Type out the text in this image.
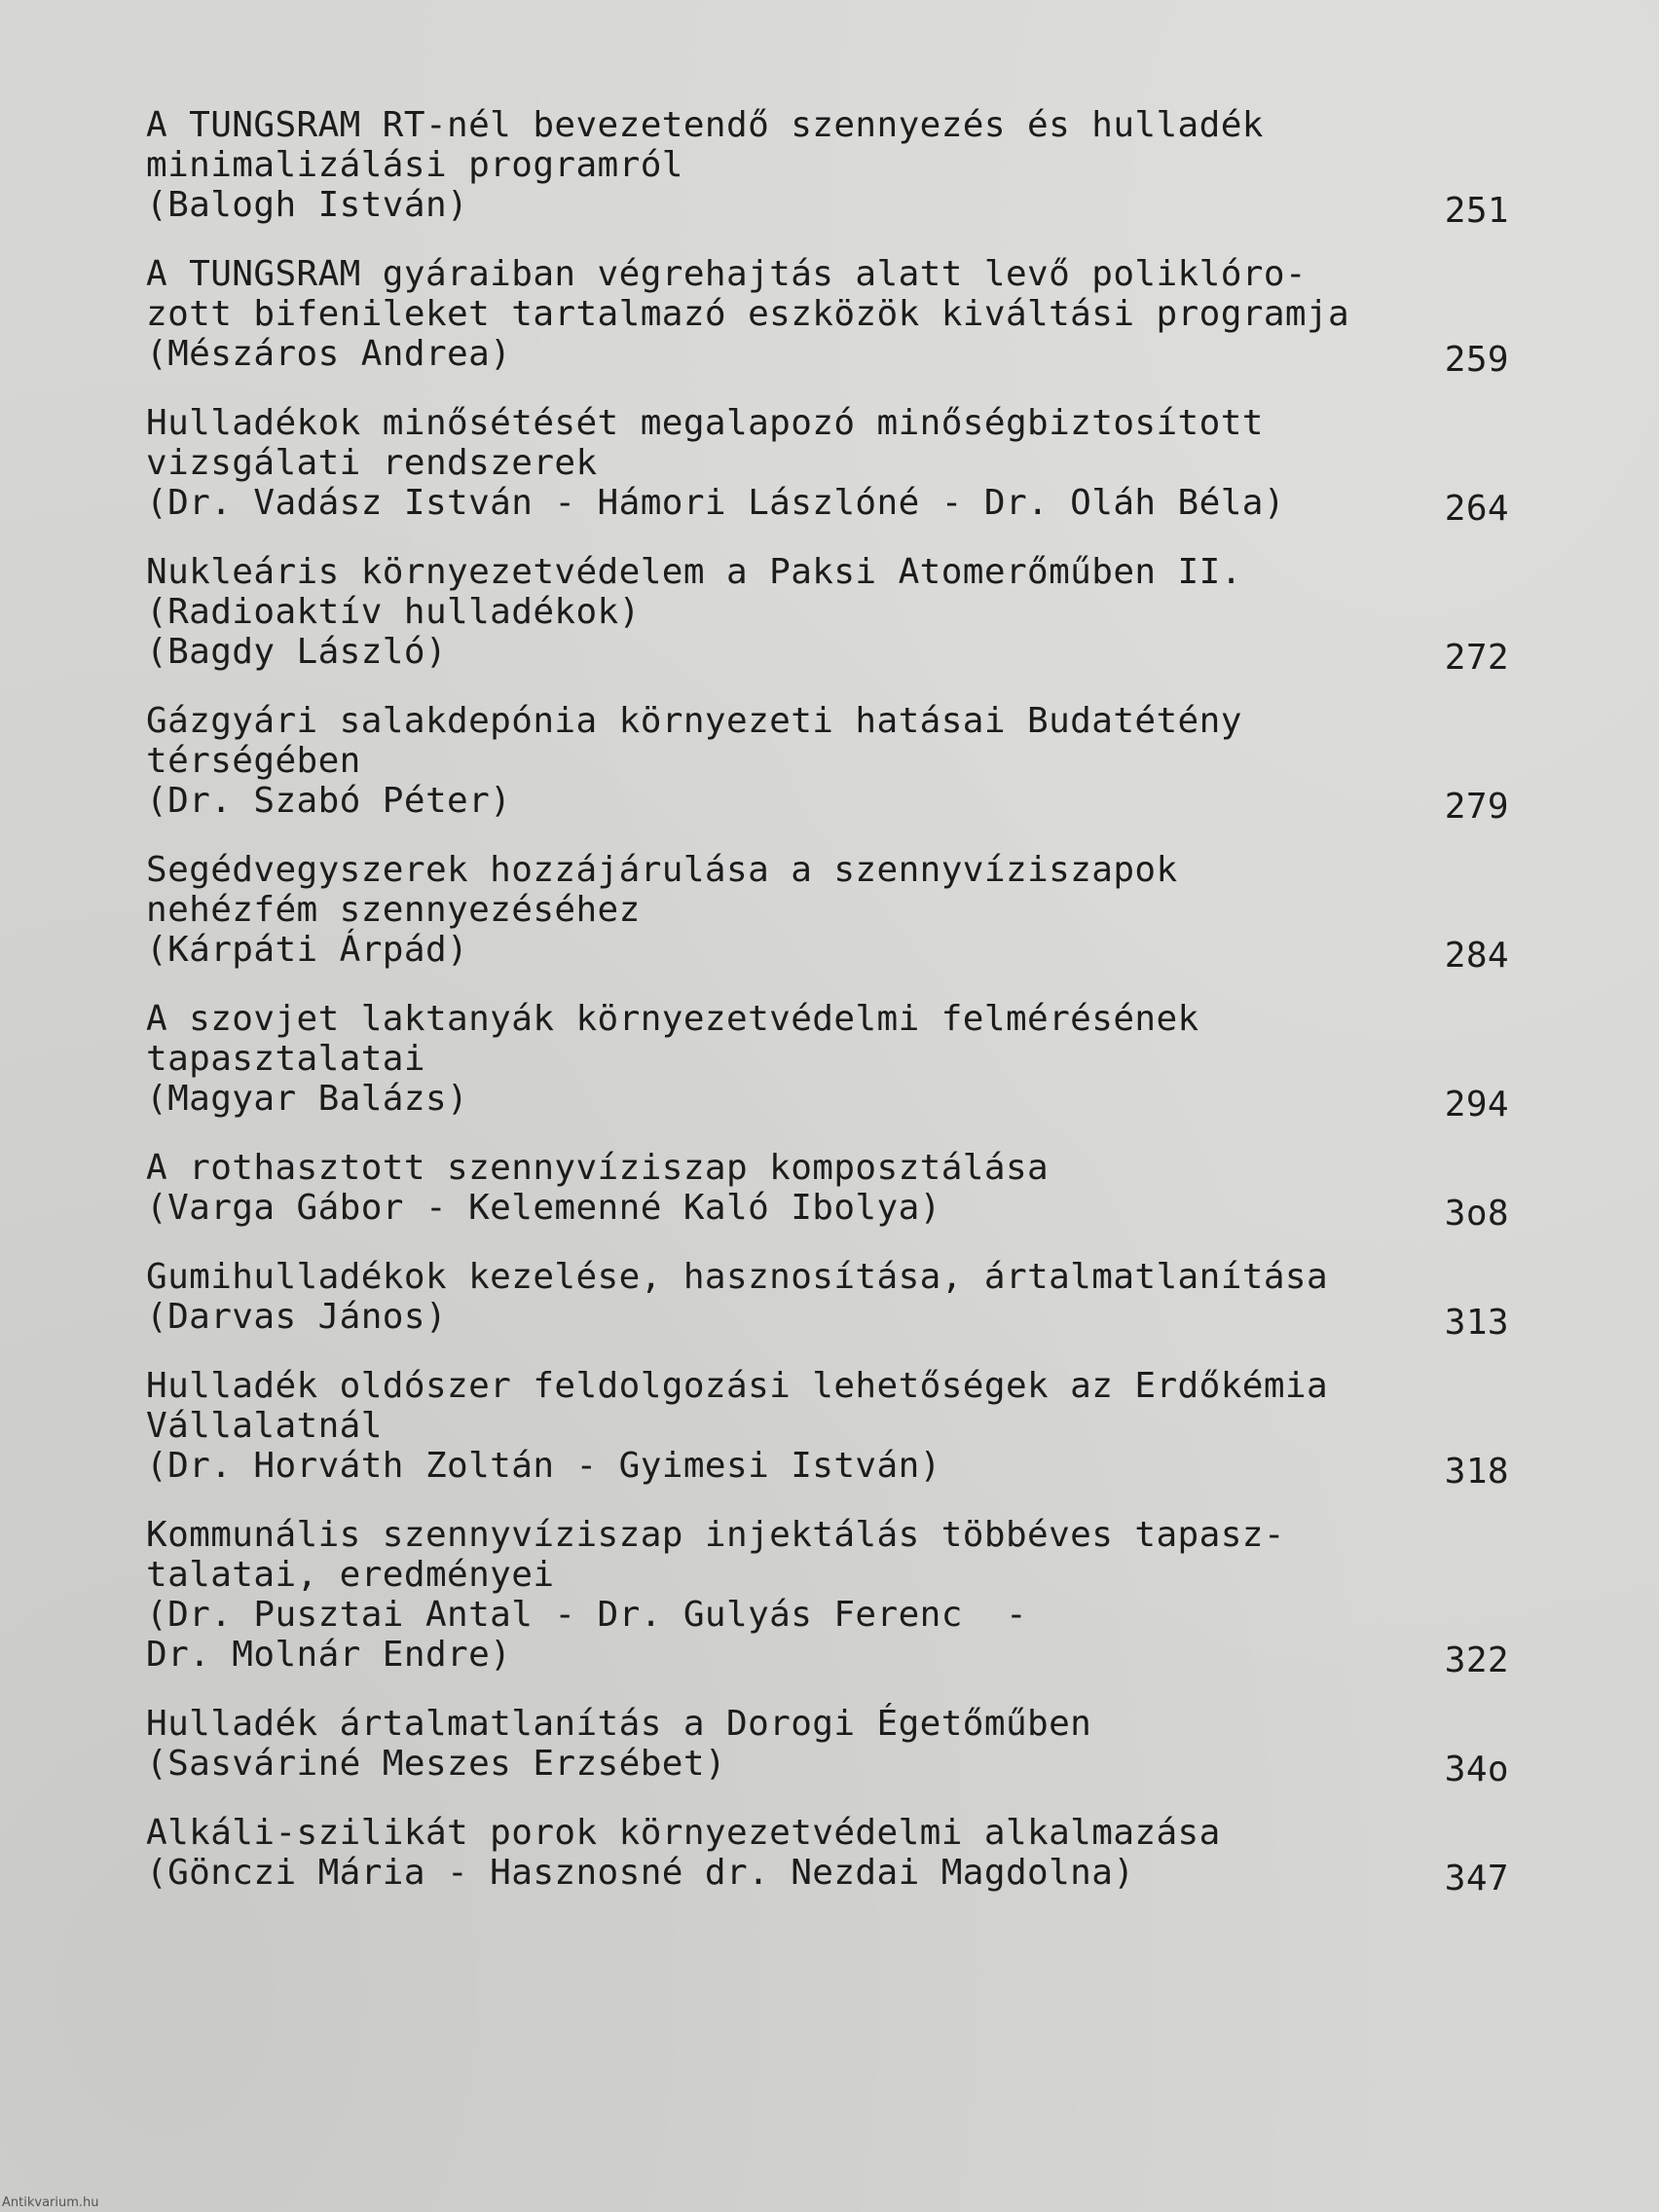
A TUNGSRAM RT-nél bevezetendő szennyezés és hulladék
minimalizálási programról
(Balogh István)	251
A TUNGSRAM gyáraiban végrehajtás alatt levő poliklóro-
zott bifenileket tartalmazó eszközök kiváltási programja
(Mészáros Andrea)	259
Hulladékok minősétését megalapozó minőségbiztosított
vizsgálati rendszerek
(Dr. Vadász István - Hámori Lászlóné - Dr. Oláh Béla)	264
Nukleáris környezetvédelem a Paksi Atomerőműben II.
(Radioaktív hulladékok)
(Bagdy László)	272
Gázgyári salakdepónia környezeti hatásai Budatétény
térségében
(Dr. Szabó Péter)	279
Segédvegyszerek hozzájárulása a szennyvíziszapok
nehézfém szennyezéséhez
(Kárpáti Árpád)	284
A szovjet laktanyák környezetvédelmi felmérésének
tapasztalatai
(Magyar Balázs)	294
A rothasztott szennyvíziszap komposztálása
(Varga Gábor - Kelemenné Kaló Ibolya)	3o8
Gumihulladékok kezelése, hasznosítása, ártalmatlanítása
(Darvas János)	313
Hulladék oldószer feldolgozási lehetőségek az Erdőkémia
Vállalatnál
(Dr. Horváth Zoltán - Gyimesi István)	318
Kommunális szennyvíziszap injektálás többéves tapasz-
talatai, eredményei
(Dr. Pusztai Antal - Dr. Gulyás Ferenc  -
Dr. Molnár Endre)	322
Hulladék ártalmatlanítás a Dorogi Égetőműben
(Sasváriné Meszes Erzsébet)	34o
Alkáli-szilikát porok környezetvédelmi alkalmazása
(Gönczi Mária - Hasznosné dr. Nezdai Magdolna)	347
Antikvarium.hu
